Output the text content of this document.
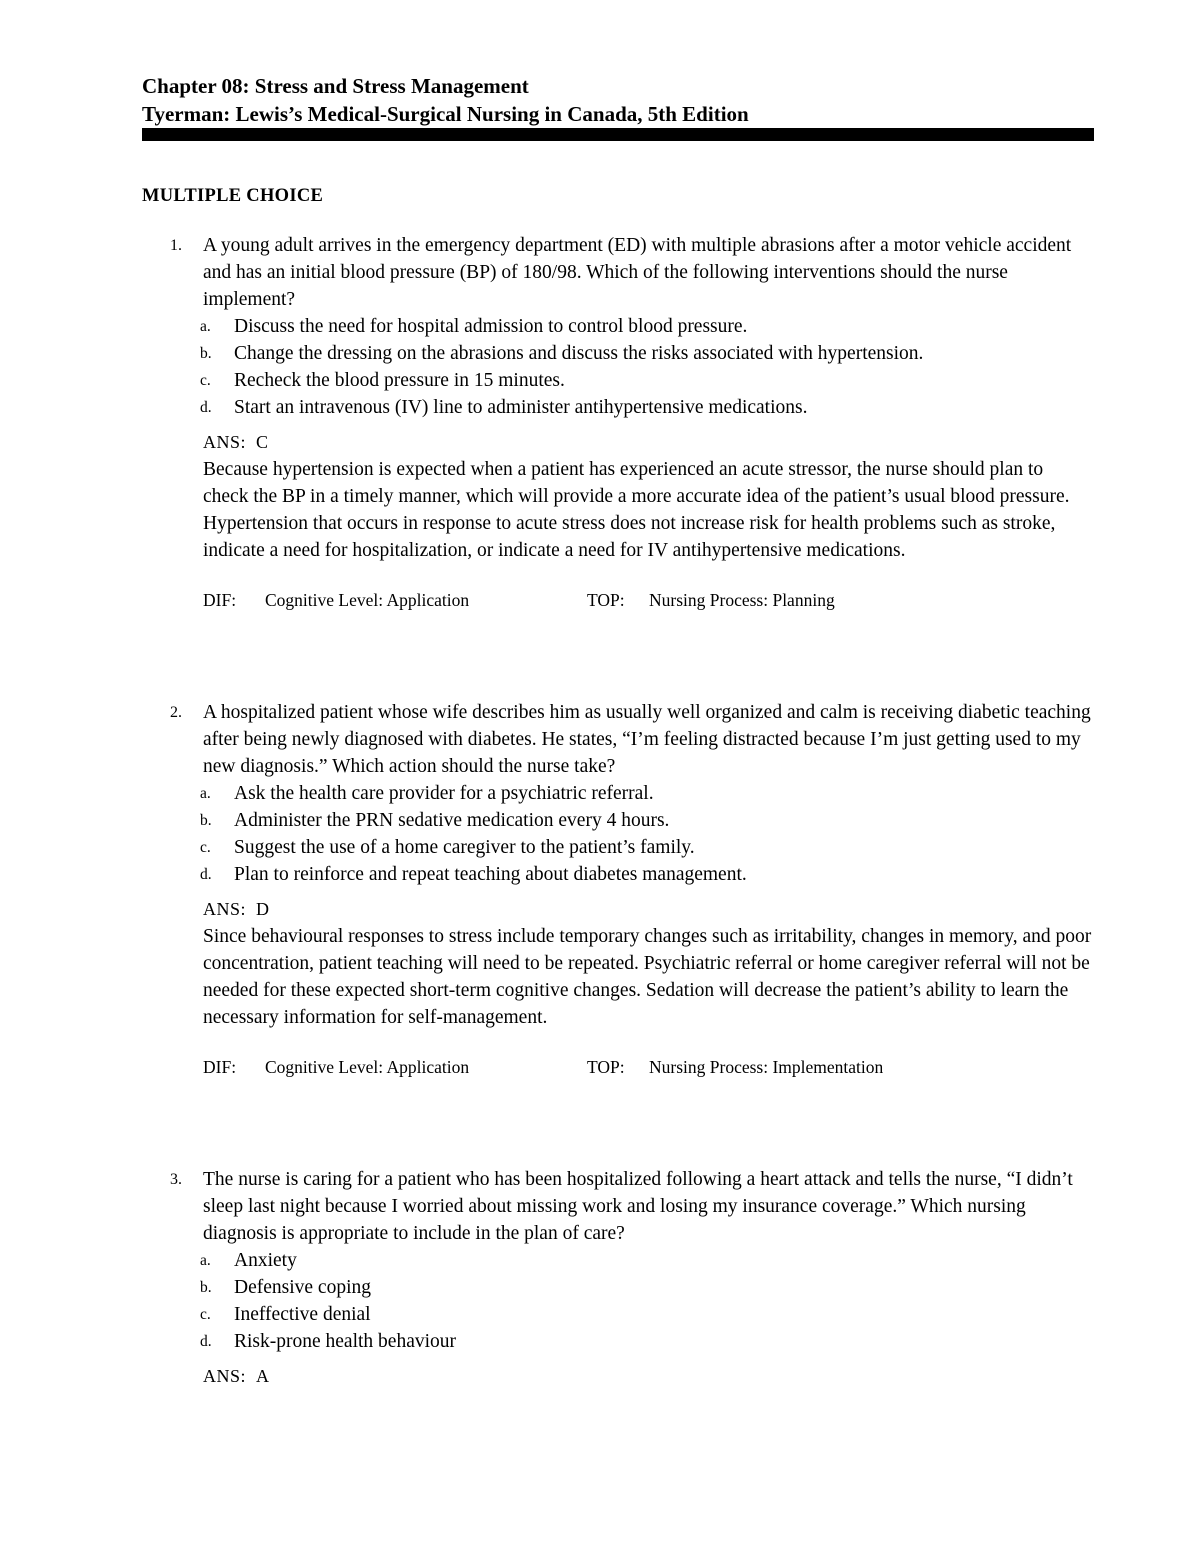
Chapter 08: Stress and Stress Management
Tyerman: Lewis’s Medical-Surgical Nursing in Canada, 5th Edition
MULTIPLE CHOICE
1. A young adult arrives in the emergency department (ED) with multiple abrasions after a motor vehicle accident and has an initial blood pressure (BP) of 180/98. Which of the following interventions should the nurse implement?
a. Discuss the need for hospital admission to control blood pressure.
b. Change the dressing on the abrasions and discuss the risks associated with hypertension.
c. Recheck the blood pressure in 15 minutes.
d. Start an intravenous (IV) line to administer antihypertensive medications.
ANS: C
Because hypertension is expected when a patient has experienced an acute stressor, the nurse should plan to check the BP in a timely manner, which will provide a more accurate idea of the patient’s usual blood pressure. Hypertension that occurs in response to acute stress does not increase risk for health problems such as stroke, indicate a need for hospitalization, or indicate a need for IV antihypertensive medications.
DIF: Cognitive Level: Application	TOP: Nursing Process: Planning
2. A hospitalized patient whose wife describes him as usually well organized and calm is receiving diabetic teaching after being newly diagnosed with diabetes. He states, “I’m feeling distracted because I’m just getting used to my new diagnosis.” Which action should the nurse take?
a. Ask the health care provider for a psychiatric referral.
b. Administer the PRN sedative medication every 4 hours.
c. Suggest the use of a home caregiver to the patient’s family.
d. Plan to reinforce and repeat teaching about diabetes management.
ANS: D
Since behavioural responses to stress include temporary changes such as irritability, changes in memory, and poor concentration, patient teaching will need to be repeated. Psychiatric referral or home caregiver referral will not be needed for these expected short-term cognitive changes. Sedation will decrease the patient’s ability to learn the necessary information for self-management.
DIF: Cognitive Level: Application	TOP: Nursing Process: Implementation
3. The nurse is caring for a patient who has been hospitalized following a heart attack and tells the nurse, “I didn’t sleep last night because I worried about missing work and losing my insurance coverage.” Which nursing diagnosis is appropriate to include in the plan of care?
a. Anxiety
b. Defensive coping
c. Ineffective denial
d. Risk-prone health behaviour
ANS: A
